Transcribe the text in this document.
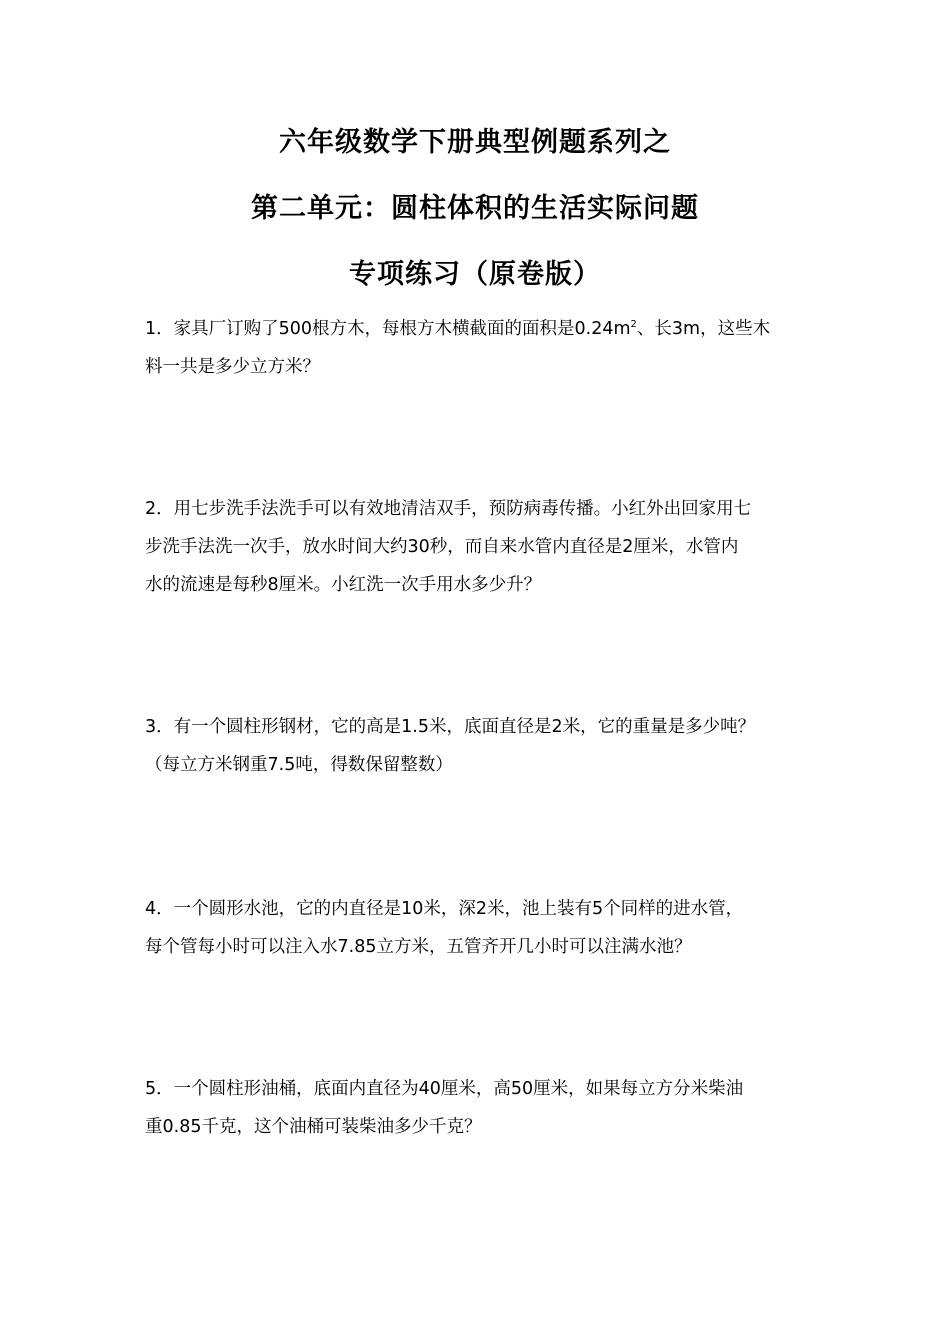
六年级数学下册典型例题系列之
第二单元：圆柱体积的生活实际问题
专项练习（原卷版）
1．家具厂订购了500根方木，每根方木横截面的面积是$0.24m^2$、长3m，这些木
料一共是多少立方米？
2．用七步洗手法洗手可以有效地清洁双手，预防病毒传播。小红外出回家用七
步洗手法洗一次手，放水时间大约30秒，而自来水管内直径是2厘米，水管内
水的流速是每秒8厘米。小红洗一次手用水多少升？
3．有一个圆柱形钢材，它的高是1.5米，底面直径是2米，它的重量是多少吨？
（每立方米钢重7.5吨，得数保留整数）
4．一个圆形水池，它的内直径是10米，深2米，池上装有5个同样的进水管，
每个管每小时可以注入水7.85立方米，五管齐开几小时可以注满水池？
5．一个圆柱形油桶，底面内直径为40厘米，高50厘米，如果每立方分米柴油
重0.85千克，这个油桶可装柴油多少千克？
